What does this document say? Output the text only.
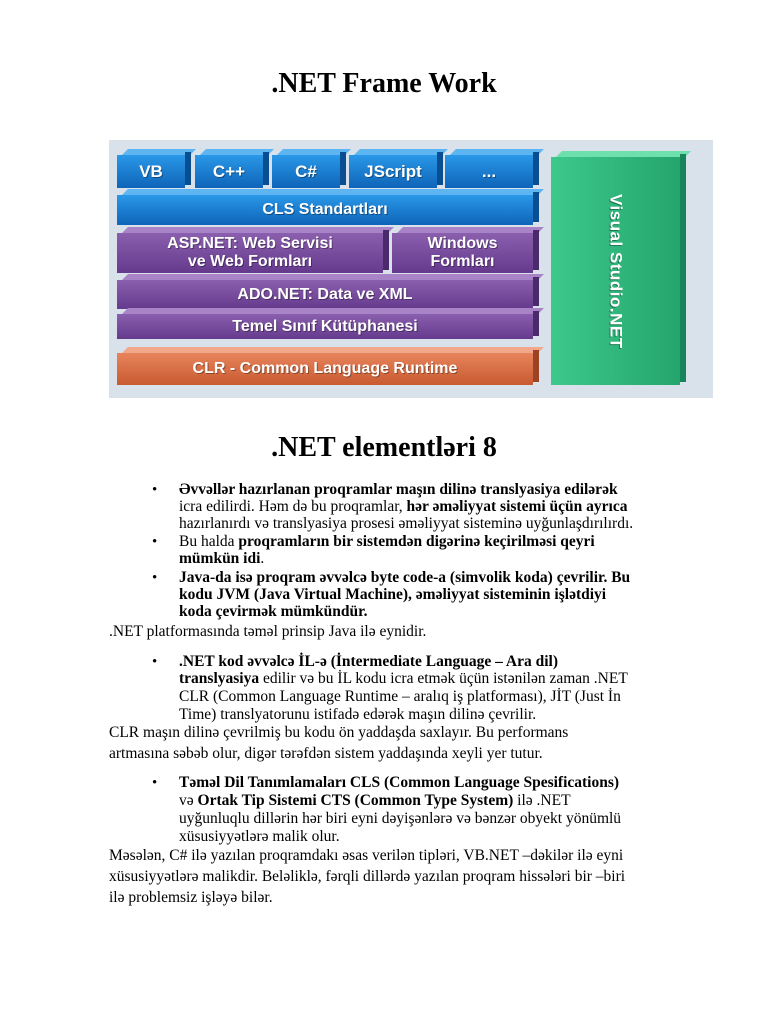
.NET Frame Work
VB	C++	C#	JScript	...
CLS Standartları
ASP.NET: Web Servisi
ve Web Formları
Windows
Formları
ADO.NET: Data ve XML
Temel Sınıf Kütüphanesi
CLR - Common Language Runtime
Visual Studio.NET
.NET elementləri 8
• Əvvəllər hazırlanan proqramlar maşın dilinə translyasiya edilərək
icra edilirdi. Həm də bu proqramlar, hər əməliyyat sistemi üçün ayrıca
hazırlanırdı və translyasiya prosesi əməliyyat sisteminə uyğunlaşdırılırdı.
• Bu halda proqramların bir sistemdən digərinə keçirilməsi qeyri
mümkün idi.
• Java-da isə proqram əvvəlcə byte code-a (simvolik koda) çevrilir. Bu
kodu JVM (Java Virtual Machine), əməliyyat sisteminin işlətdiyi
koda çevirmək mümkündür.
.NET platformasında təməl prinsip Java ilə eynidir.
• .NET kod əvvəlcə İL-ə (İntermediate Language – Ara dil)
translyasiya edilir və bu İL kodu icra etmək üçün istənilən zaman .NET
CLR (Common Language Runtime – aralıq iş platforması), JİT (Just İn
Time) translyatorunu istifadə edərək maşın dilinə çevrilir.
CLR maşın dilinə çevrilmiş bu kodu ön yaddaşda saxlayır. Bu performans
artmasına səbəb olur, digər tərəfdən sistem yaddaşında xeyli yer tutur.
• Təməl Dil Tanımlamaları CLS (Common Language Spesifications)
və Ortak Tip Sistemi CTS (Common Type System) ilə .NET
uyğunluqlu dillərin hər biri eyni dəyişənlərə və bənzər obyekt yönümlü
xüsusiyyətlərə malik olur.
Məsələn, C# ilə yazılan proqramdakı əsas verilən tipləri, VB.NET –dəkilər ilə eyni
xüsusiyyətlərə malikdir. Beləliklə, fərqli dillərdə yazılan proqram hissələri bir –biri
ilə problemsiz işləyə bilər.
